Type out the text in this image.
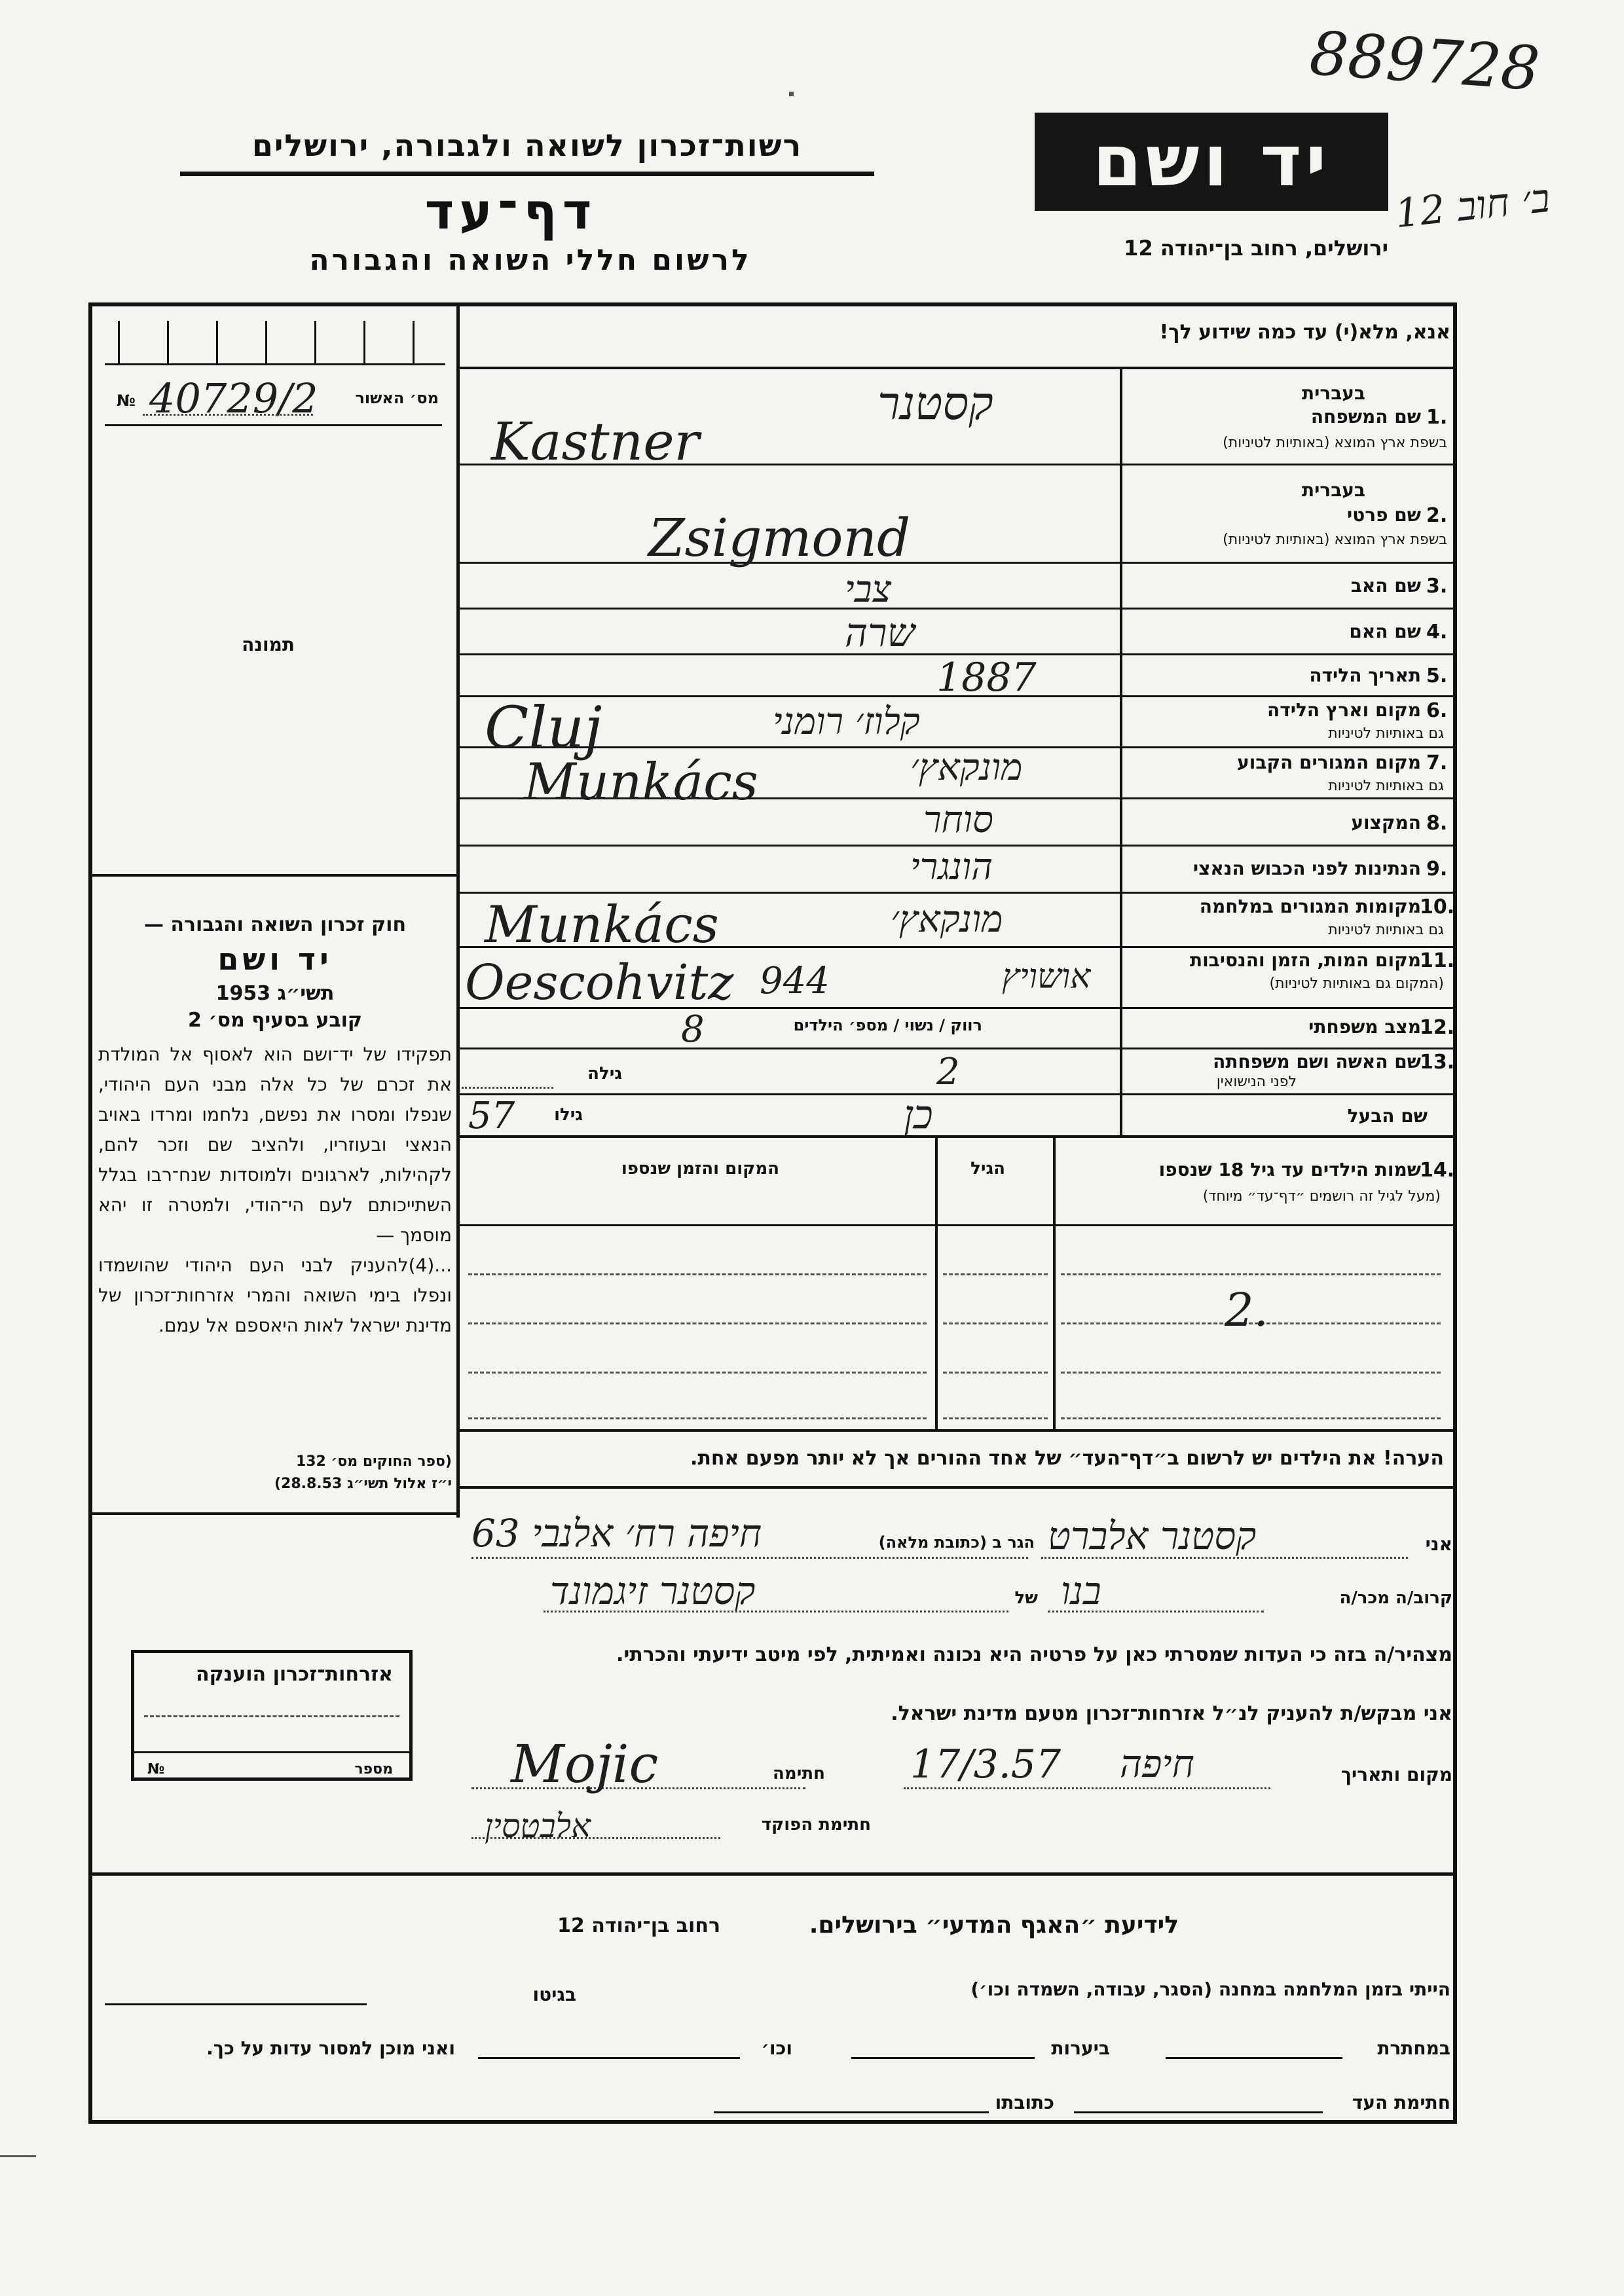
889728
ב׳ חוב 12
רשות־זכרון לשואה ולגבורה, ירושלים
דף־עד
לרשום חללי השואה והגבורה
יד ושם
ירושלים, רחוב בן־יהודה 12
אנא, מלא(י) עד כמה שידוע לך!
№ 40729/2 מס׳ האשור
תמונה
חוק זכרון השואה והגבורה —
יד ושם
תשי״ג 1953
קובע בסעיף מס׳ 2
תפקידו של יד־ושם הוא לאסוף אל המולדת את זכרם של כל אלה מבני העם היהודי, שנפלו ומסרו את נפשם, נלחמו ומרדו באויב הנאצי ובעוזריו, ולהציב שם וזכר להם, לקהילות, לארגונים ולמוסדות שנח־רבו בגלל השתייכותם לעם הי־הודי, ולמטרה זו יהא מוסמך —
...(4)להעניק לבני העם היהודי שהושמדו ונפלו בימי השואה והמרי אזרחות־זכרון של מדינת ישראל לאות היאספם אל עמם.
(ספר החוקים מס׳ 132
י״ז אלול תשי״ג 28.8.53)
אזרחות־זכרון הוענקה
מספר
№
בעברית
1.
שם המשפחה
בשפת ארץ המוצא (באותיות לטיניות)
קסטנר
Kastner
בעברית
2.
שם פרטי
בשפת ארץ המוצא (באותיות לטיניות)
Zsigmond
3.
שם האב
צבי
4.
שם האם
שרה
5.
תאריך הלידה
1887
6.
מקום וארץ הלידה
גם באותיות לטיניות
קלוז׳ רומני
Cluj
7.
מקום המגורים הקבוע
גם באותיות לטיניות
מונקאץ׳
Munkács
8.
המקצוע
סוחר
9.
הנתינות לפני הכבוש הנאצי
הונגרי
10.
מקומות המגורים במלחמה
גם באותיות לטיניות
מונקאץ׳
Munkács
11.
מקום המות, הזמן והנסיבות
(המקום גם באותיות לטיניות)
אושויץ
944
Oescohvitz
12.
מצב משפחתי
רווק / נשוי / מספ׳ הילדים
8
13.
שם האשה ושם משפחתה
לפני הנישואין
גילה	2
שם הבעל
גילו
57	כן
14.
שמות הילדים עד גיל 18 שנספו
(מעל לגיל זה רושמים ״דף־עד״ מיוחד)
הגיל
המקום והזמן שנספו
2.
הערה! את הילדים יש לרשום ב״דף־העד״ של אחד ההורים אך לא יותר מפעם אחת.
אני
קסטנר אלברט
הגר ב (כתובת מלאה)
חיפה רח׳ אלנבי 63
קרוב/ה מכר/ה
בנו
של
קסטנר זיגמונד
מצהיר/ה בזה כי העדות שמסרתי כאן על פרטיה היא נכונה ואמיתית, לפי מיטב ידיעתי והכרתי.
אני מבקש/ת להעניק לנ״ל אזרחות־זכרון מטעם מדינת ישראל.
מקום ותאריך
חיפה
17/3.57
חתימה
Mojic
חתימת הפוקד
אלבטסין
לידיעת ״האגף המדעי״ בירושלים.
רחוב בן־יהודה 12
הייתי בזמן המלחמה במחנה (הסגר, עבודה, השמדה וכו׳)
בגיטו
במחתרת
ביערות
וכו׳
ואני מוכן למסור עדות על כך.
חתימת העד
כתובתו
